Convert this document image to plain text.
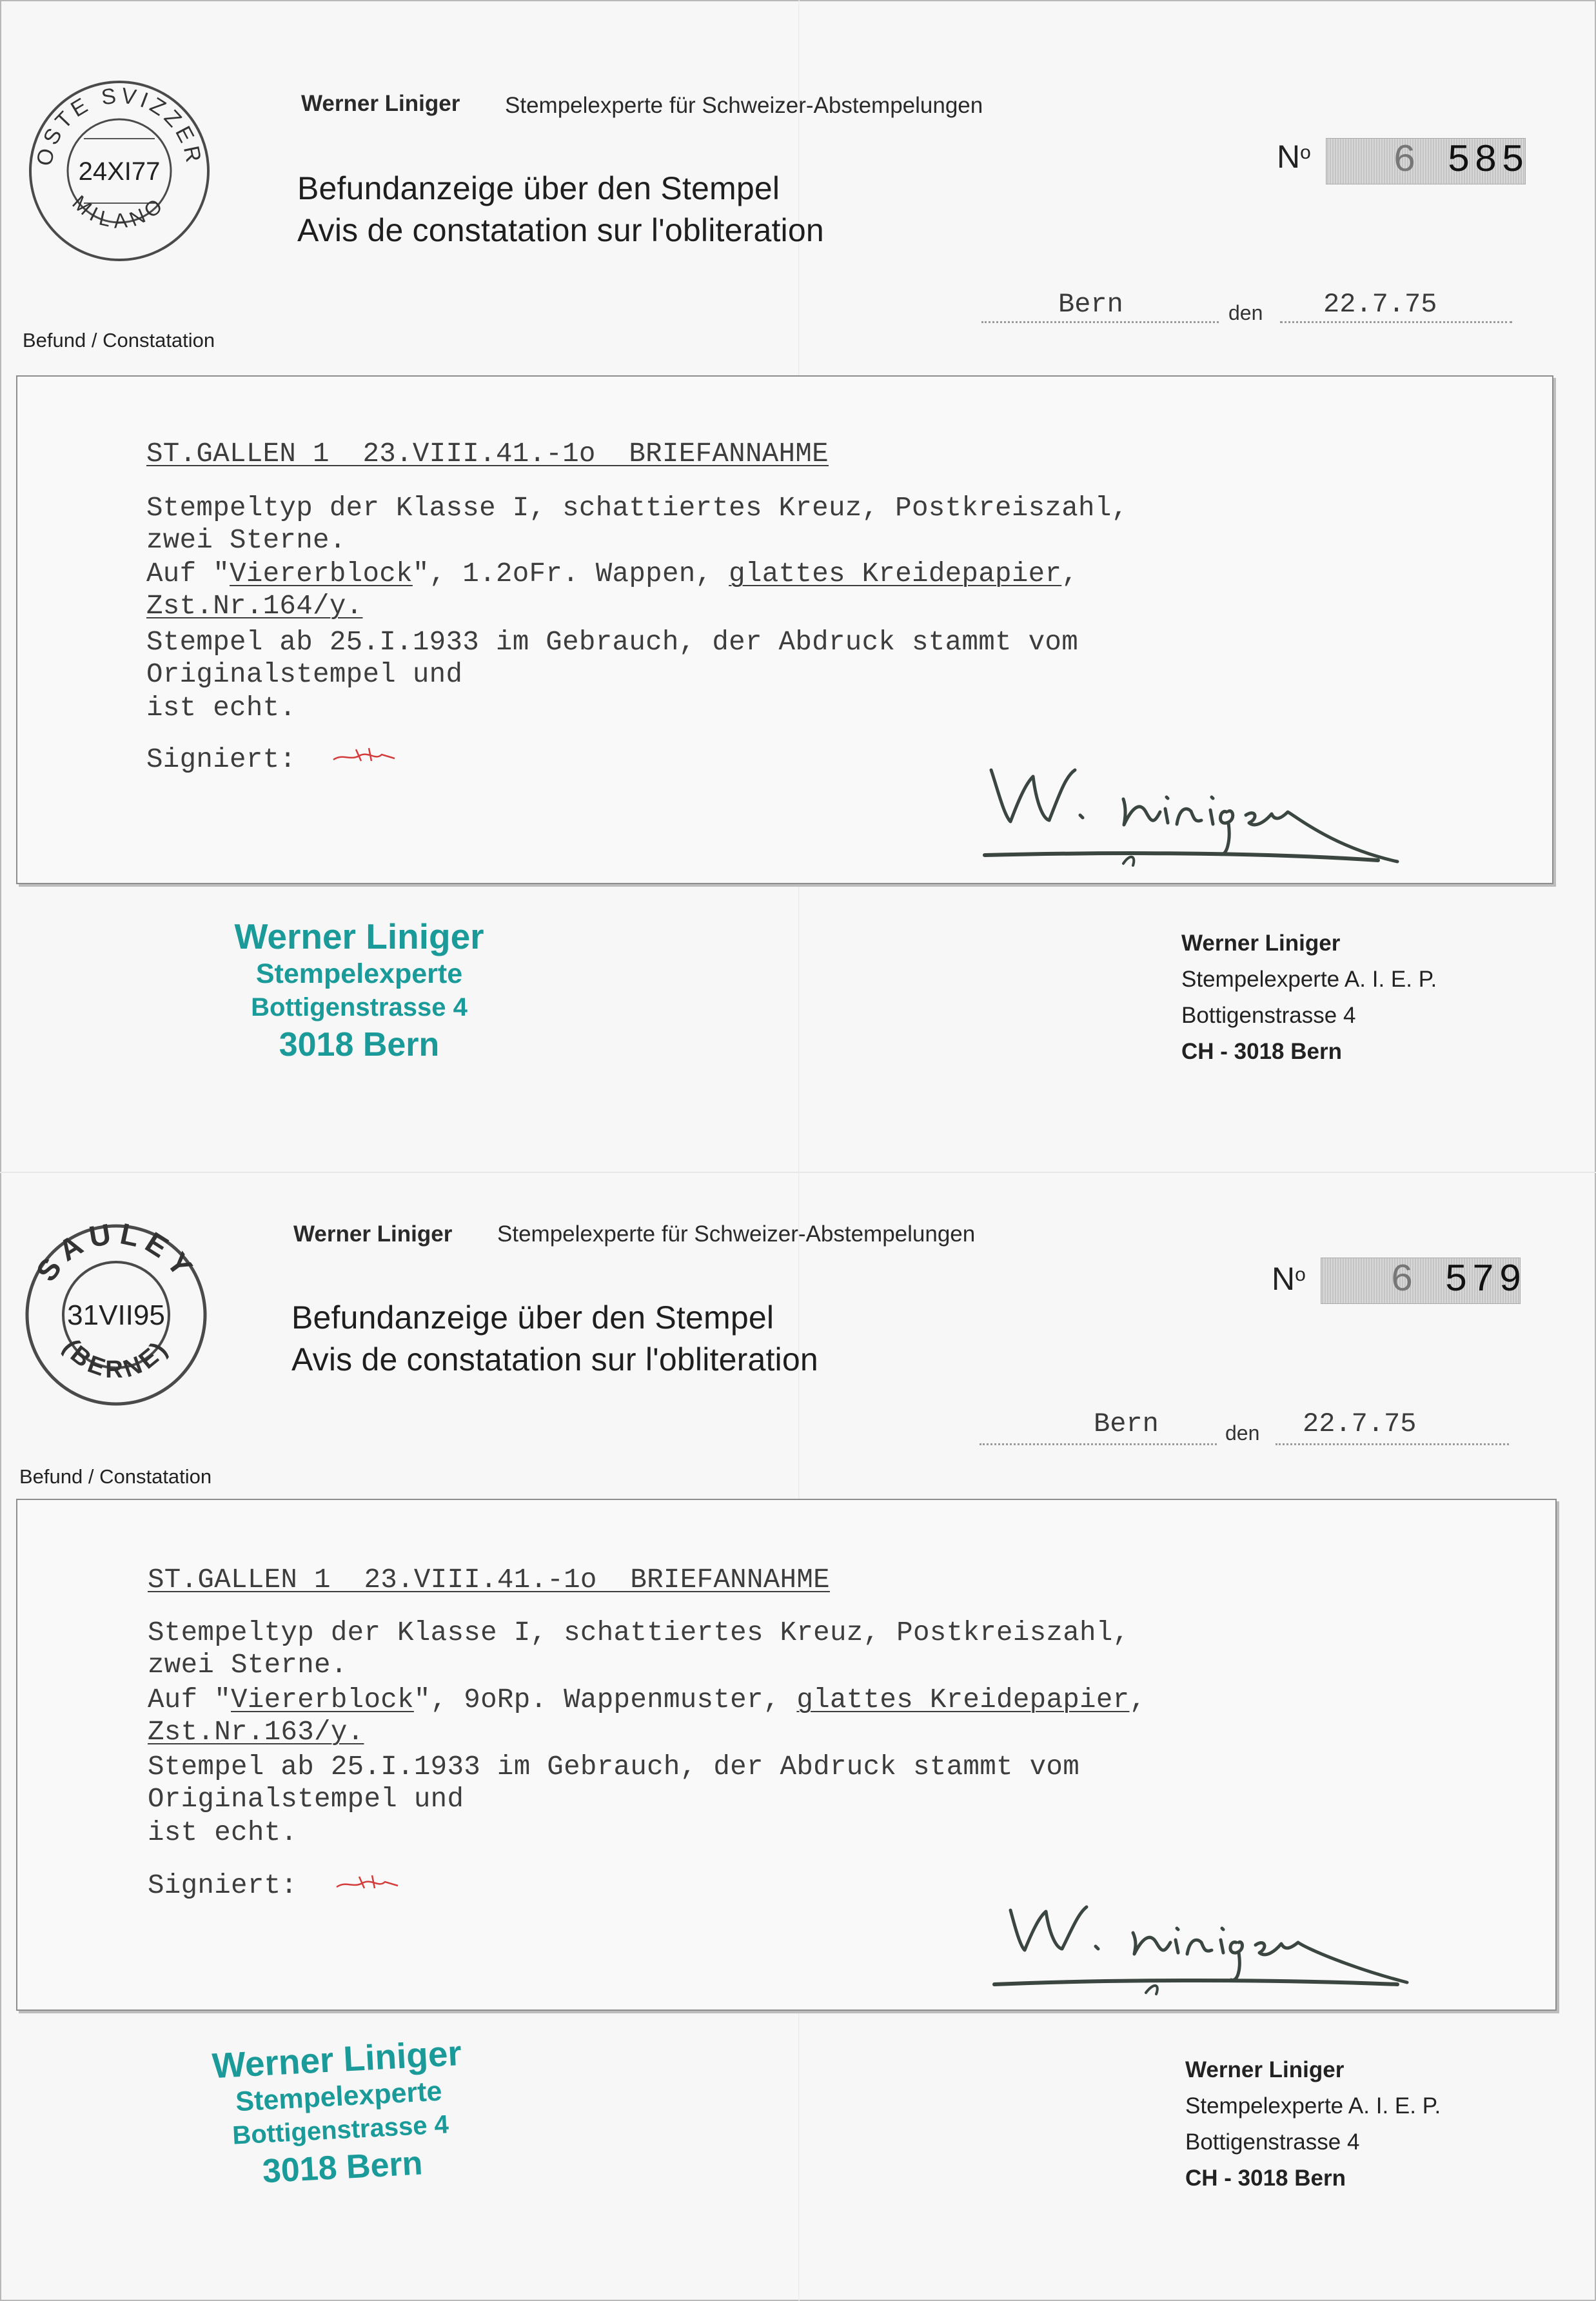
OSTE SVIZZER
MILANO
24XI77
Werner Liniger Stempelexperte für Schweizer-Abstempelungen
Befundanzeige über den Stempel
Avis de constatation sur l'obliteration
$N^o$ 6 585
Bern	den 22.7.75
Befund / Constatation
ST.GALLEN 1  23.VIII.41.-1o  BRIEFANNAHME
Stempeltyp der Klasse I, schattiertes Kreuz, Postkreiszahl,
zwei Sterne.
Auf "Viererblock", 1.2oFr. Wappen, glattes Kreidepapier,
Zst.Nr.164/y.
Stempel ab 25.I.1933 im Gebrauch, der Abdruck stammt vom
Originalstempel und
ist echt.
Signiert:
Werner Liniger
Stempelexperte
Bottigenstrasse 4
3018 Bern
Werner Liniger
Stempelexperte A. I. E. P.
Bottigenstrasse 4
CH - 3018 Bern
SAULEY
(BERNE)
31VII95
Werner Liniger Stempelexperte für Schweizer-Abstempelungen
Befundanzeige über den Stempel
Avis de constatation sur l'obliteration
$N^o$ 6 579
Bern	den 22.7.75
Befund / Constatation
ST.GALLEN 1  23.VIII.41.-1o  BRIEFANNAHME
Stempeltyp der Klasse I, schattiertes Kreuz, Postkreiszahl,
zwei Sterne.
Auf "Viererblock", 9oRp. Wappenmuster, glattes Kreidepapier,
Zst.Nr.163/y.
Stempel ab 25.I.1933 im Gebrauch, der Abdruck stammt vom
Originalstempel und
ist echt.
Signiert:
Werner Liniger
Stempelexperte
Bottigenstrasse 4
3018 Bern
Werner Liniger
Stempelexperte A. I. E. P.
Bottigenstrasse 4
CH - 3018 Bern
